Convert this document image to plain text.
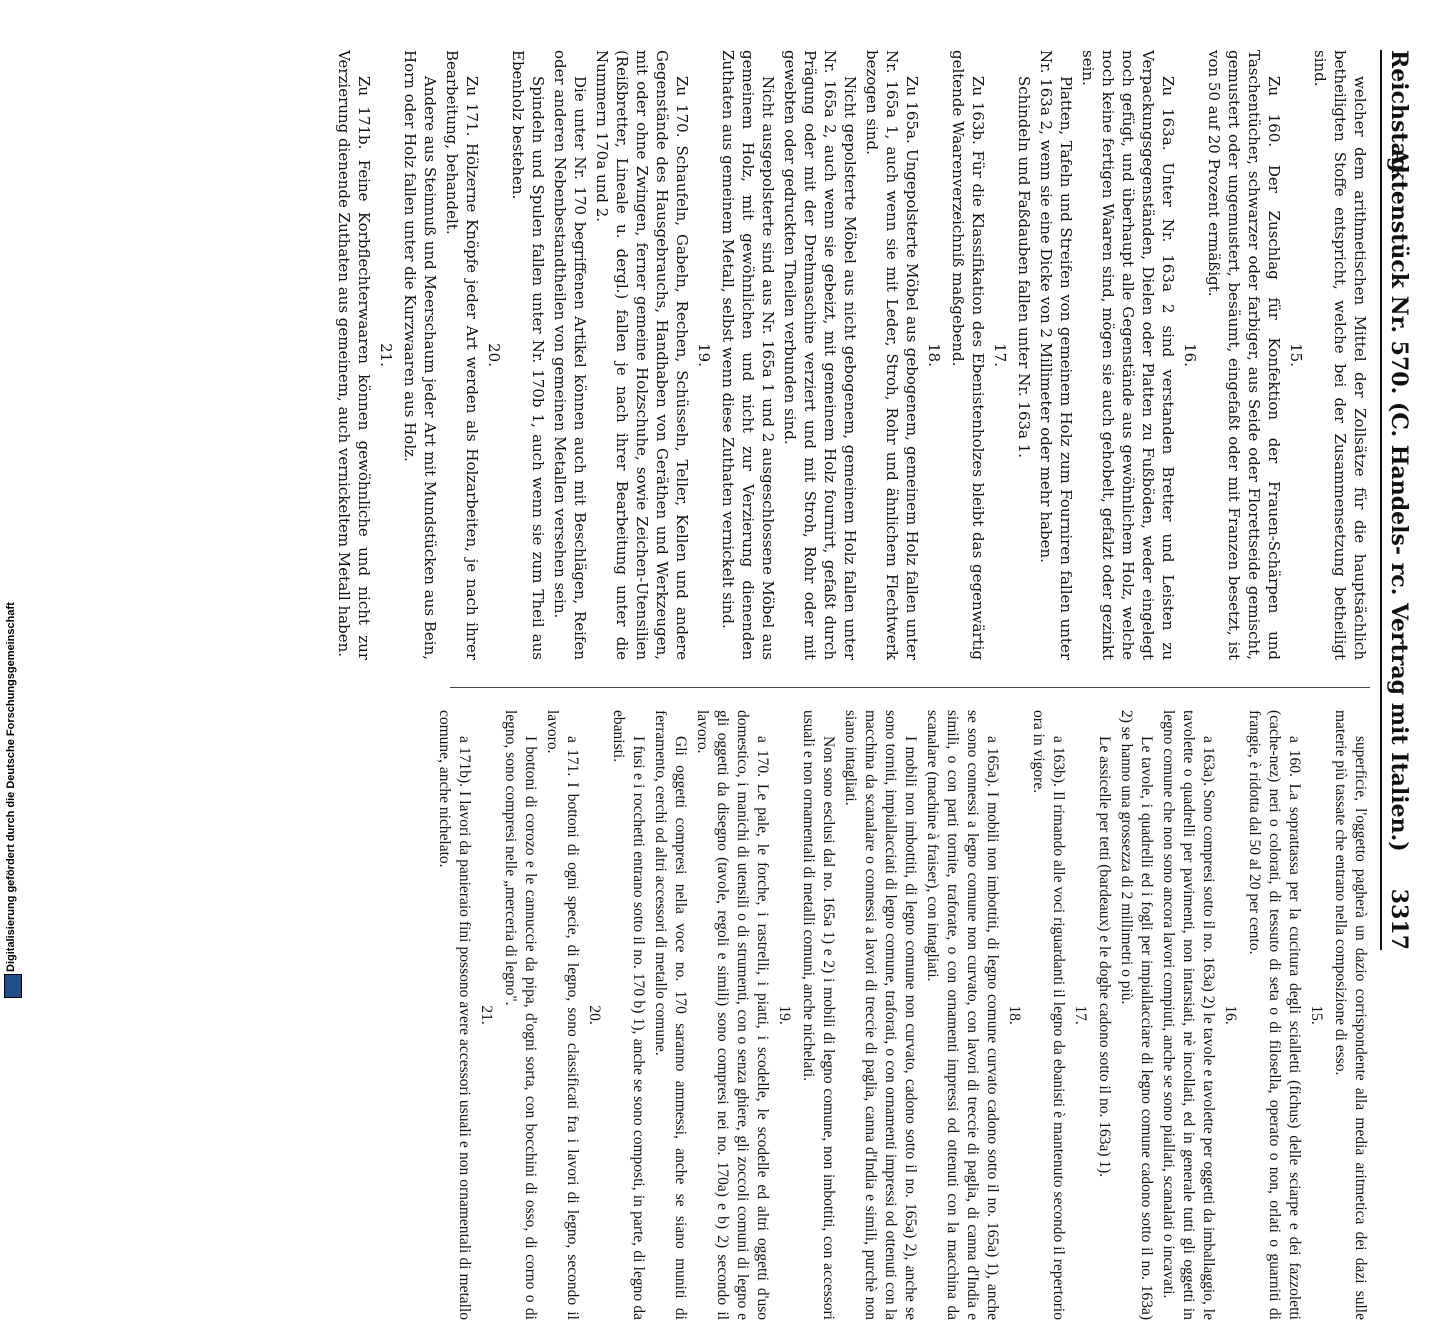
Digitalisierung gefördert durch die Deutsche Forschungsgemeinschaft
Reichstag.
Aktenstück Nr. 570. (C. Handels- rc. Vertrag mit Italien.)
3317

welcher dem arithmetischen Mittel der Zollsätze für die hauptsächlich betheiligten Stoffe entspricht, welche bei der Zusammensetzung betheiligt sind.

15.

Zu 160. Der Zuschlag für Konfektion der Frauen-Schärpen und Taschentücher, schwarzer oder farbiger, aus Seide oder Florettseide gemischt, gemustert oder ungemustert, besäumt, eingefaßt oder mit Franzen besetzt, ist von 50 auf 20 Prozent ermäßigt.

16.

Zu 163a. Unter Nr. 163a 2 sind verstanden Bretter und Leisten zu Verpackungsgegenständen, Dielen oder Platten zu Fußböden, weder eingelegt noch gefügt, und überhaupt alle Gegenstände aus gewöhnlichem Holz, welche noch keine fertigen Waaren sind, mögen sie auch gehobelt, gefalzt oder gezinkt sein.

Platten, Tafeln und Streifen von gemeinem Holz zum Fourniren fallen unter Nr. 163a 2, wenn sie eine Dicke von 2 Millimeter oder mehr haben.

Schindeln und Faßdauben fallen unter Nr. 163a 1.

17.

Zu 163b. Für die Klassifikation des Ebenistenholzes bleibt das gegenwärtig geltende Waarenverzeichniß maßgebend.

18.

Zu 165a. Ungepolsterte Möbel aus gebogenem, gemeinem Holz fallen unter Nr. 165a 1, auch wenn sie mit Leder, Stroh, Rohr und ähnlichem Flechtwerk bezogen sind.

Nicht gepolsterte Möbel aus nicht gebogenem, gemeinem Holz fallen unter Nr. 165a 2, auch wenn sie gebeizt, mit gemeinem Holz fournirt, gefaßt durch Prägung oder mit der Drehmaschine verziert und mit Stroh, Rohr oder mit gewebten oder gedruckten Theilen verbunden sind.

Nicht ausgepolsterte sind aus Nr. 165a 1 und 2 ausgeschlossene Möbel aus gemeinem Holz, mit gewöhnlichen und nicht zur Verzierung dienenden Zuthaten aus gemeinem Metall, selbst wenn diese Zuthaten vernickelt sind.

19.

Zu 170. Schaufeln, Gabeln, Rechen, Schüsseln, Teller, Kellen und andere Gegenstände des Hausgebrauchs, Handhaben von Geräthen und Werkzeugen, mit oder ohne Zwingen, ferner gemeine Holzschuhe, sowie Zeichen-Utensilien (Reißbretter, Lineale u. dergl.) fallen je nach ihrer Bearbeitung unter die Nummern 170a und 2.

Die unter Nr. 170 begriffenen Artikel können auch mit Beschlägen, Reifen oder anderen Nebenbestandtheilen von gemeinen Metallen versehen sein.

Spindeln und Spulen fallen unter Nr. 170b 1, auch wenn sie zum Theil aus Ebenholz bestehen.

20.

Zu 171. Hölzerne Knöpfe jeder Art werden als Holzarbeiten, je nach ihrer Bearbeitung, behandelt.

Andere aus Steinnuß und Meerschaum jeder Art mit Mundstücken aus Bein, Horn oder Holz fallen unter die Kurzwaaren aus Holz.

21.

Zu 171b. Feine Korbflechterwaaren können gewöhnliche und nicht zur Verzierung dienende Zuthaten aus gemeinem, auch vernickeltem Metall haben.

superficie, l'oggetto pagherà un dazio corrispondente alla media aritmetica dei dazi sulle materie più tassate che entrano nella composizione di esso.

15.

a 160. La soprattassa per la cucitura degli scialletti (fichus) delle sciarpe e dei fazzoletti (cache-nez) neri o colorati, di tessuto di seta o di filosella, operato o non, orlati o guarniti di frangie, è ridotta dal 50 al 20 per cento.

16.

a 163a). Sono compresi sotto il no. 163a) 2) le tavole e tavolette per oggetti da imballaggio, le tavolette o quadrelli per pavimenti, non intarsiati, nè incollati, ed in generale tutti gli oggetti in legno comune che non sono ancora lavori compiuti, anche se sono piallati, scanalati o incavati.

Le tavole, i quadrelli ed i fogli per impiallacciare di legno comune cadono sotto il no. 163a) 2) se hanno una grossezza di 2 millimetri o più.

Le assicelle per tetti (bardeaux) e le doghe cadono sotto il no. 163a) 1).

17.

a 163b). Il rimando alle voci riguardanti il legno da ebanisti è mantenuto secondo il repertorio ora in vigore.

18.

a 165a). I mobili non imbottiti, di legno comune curvato cadono sotto il no. 165a) 1), anche se sono connessi a legno comune non curvato, con lavori di treccie di paglia, di canna d'India e simili, o con parti tornite, traforate, o con ornamenti impressi od ottenuti con la macchina da scanalare (machine à fraiser), con intagliati.

I mobili non imbottiti, di legno comune non curvato, cadono sotto il no. 165a) 2), anche se sono torniti, impiallacciati di legno comune, traforati, o con ornamenti impressi od ottenuti con la macchina da scanalare o connessi a lavori di treccie di paglia, canna d'India e simili, purchè non siano intagliati.

Non sono esclusi dal no. 165a 1) e 2) i mobili di legno comune, non imbottiti, con accessori usuali e non ornamentali di metalli comuni, anche nichelati.

19.

a 170. Le pale, le forche, i rastrelli, i piatti, i scodelle, le scodelle ed altri oggetti d'uso domestico, i manichi di utensili o di strumenti, con o senza ghiere, gli zoccoli comuni di legno e gli oggetti da disegno (tavole, regoli e simili) sono compresi nei no. 170a) e b) 2) secondo il lavoro.

Gli oggetti compresi nella voce no. 170 saranno ammessi, anche se siano muniti di ferramento, cerchi od altri accessori di metallo comune.

I fusi e i rocchetti entrano sotto il no. 170 b) 1), anche se sono composti, in parte, di legno da ebanisti.

20.

a 171. I bottoni di ogni specie, di legno, sono classificati fra i lavori di legno, secondo il lavoro.

I bottoni di corozo e le cannuccie da pipa, d'ogni sorta, con bocchini di osso, di corno o di legno, sono compresi nelle „merceria di legno".

21.

a 171b). I lavori da panieraio fini possono avere accessori usuali e non ornamentali di metallo comune, anche nichelato.
